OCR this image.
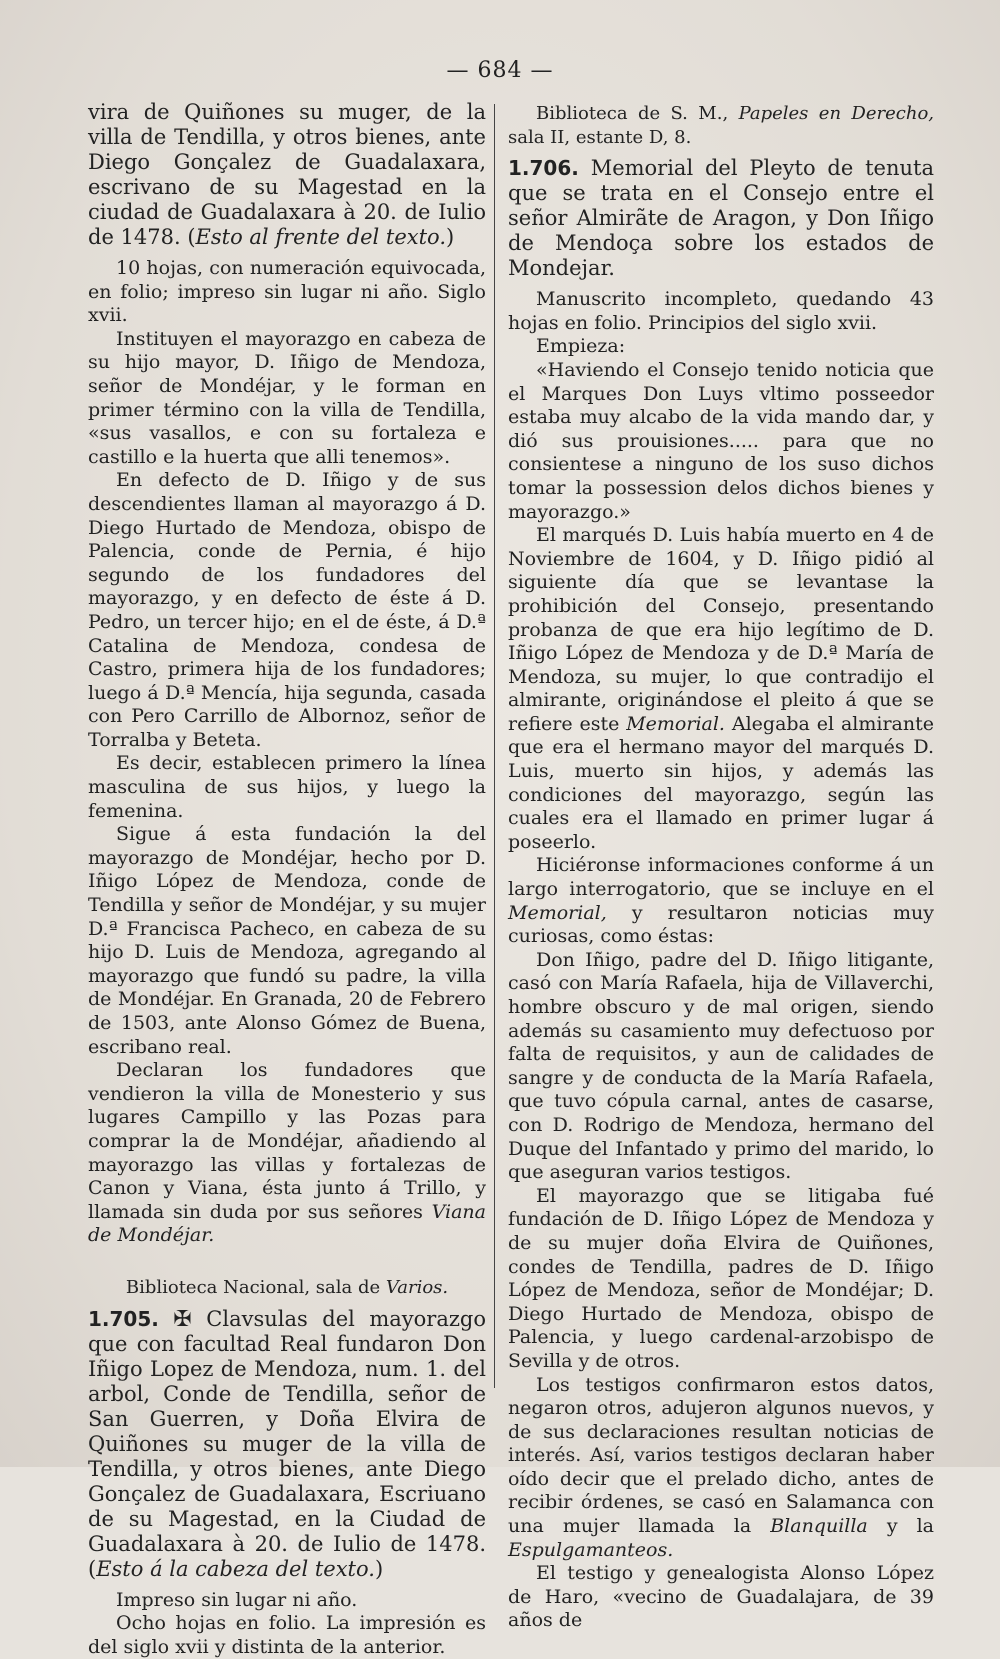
— 684 —

vira de Quiñones su muger, de la villa de Tendilla, y otros bienes, ante Diego Gonçalez de Guadalaxara, escrivano de su Magestad en la ciudad de Guadalaxara à 20. de Iulio de 1478. (Esto al frente del texto.)

10 hojas, con numeración equivocada, en folio; impreso sin lugar ni año. Siglo xvii.

Instituyen el mayorazgo en cabeza de su hijo mayor, D. Iñigo de Mendoza, señor de Mondéjar, y le forman en primer término con la villa de Tendilla, «sus vasallos, e con su fortaleza e castillo e la huerta que alli tenemos».

En defecto de D. Iñigo y de sus descendientes llaman al mayorazgo á D. Diego Hurtado de Mendoza, obispo de Palencia, conde de Pernia, é hijo segundo de los fundadores del mayorazgo, y en defecto de éste á D. Pedro, un tercer hijo; en el de éste, á D.ª Catalina de Mendoza, condesa de Castro, primera hija de los fundadores; luego á D.ª Mencía, hija segunda, casada con Pero Carrillo de Albornoz, señor de Torralba y Beteta.

Es decir, establecen primero la línea masculina de sus hijos, y luego la femenina.

Sigue á esta fundación la del mayorazgo de Mondéjar, hecho por D. Iñigo López de Mendoza, conde de Tendilla y señor de Mondéjar, y su mujer D.ª Francisca Pacheco, en cabeza de su hijo D. Luis de Mendoza, agregando al mayorazgo que fundó su padre, la villa de Mondéjar. En Granada, 20 de Febrero de 1503, ante Alonso Gómez de Buena, escribano real.

Declaran los fundadores que vendieron la villa de Monesterio y sus lugares Campillo y las Pozas para comprar la de Mondéjar, añadiendo al mayorazgo las villas y fortalezas de Canon y Viana, ésta junto á Trillo, y llamada sin duda por sus señores Viana de Mondéjar.

Biblioteca Nacional, sala de Varios.

1.705. ✠ Clavsulas del mayorazgo que con facultad Real fundaron Don Iñigo Lopez de Mendoza, num. 1. del arbol, Conde de Tendilla, señor de San Guerren, y Doña Elvira de Quiñones su muger de la villa de Tendilla, y otros bienes, ante Diego Gonçalez de Guadalaxara, Escriuano de su Magestad, en la Ciudad de Guadalaxara à 20. de Iulio de 1478. (Esto á la cabeza del texto.)

Impreso sin lugar ni año.

Ocho hojas en folio. La impresión es del siglo xvii y distinta de la anterior.

Biblioteca de S. M., Papeles en Derecho, sala II, estante D, 8.

1.706. Memorial del Pleyto de tenuta que se trata en el Consejo entre el señor Almirãte de Aragon, y Don Iñigo de Mendoça sobre los estados de Mondejar.

Manuscrito incompleto, quedando 43 hojas en folio. Principios del siglo xvii.

Empieza:

«Haviendo el Consejo tenido noticia que el Marques Don Luys vltimo posseedor estaba muy alcabo de la vida mando dar, y dió sus prouisiones..... para que no consientese a ninguno de los suso dichos tomar la possession delos dichos bienes y mayorazgo.»

El marqués D. Luis había muerto en 4 de Noviembre de 1604, y D. Iñigo pidió al siguiente día que se levantase la prohibición del Consejo, presentando probanza de que era hijo legítimo de D. Iñigo López de Mendoza y de D.ª María de Mendoza, su mujer, lo que contradijo el almirante, originándose el pleito á que se refiere este Memorial. Alegaba el almirante que era el hermano mayor del marqués D. Luis, muerto sin hijos, y además las condiciones del mayorazgo, según las cuales era el llamado en primer lugar á poseerlo.

Hiciéronse informaciones conforme á un largo interrogatorio, que se incluye en el Memorial, y resultaron noticias muy curiosas, como éstas:

Don Iñigo, padre del D. Iñigo litigante, casó con María Rafaela, hija de Villaverchi, hombre obscuro y de mal origen, siendo además su casamiento muy defectuoso por falta de requisitos, y aun de calidades de sangre y de conducta de la María Rafaela, que tuvo cópula carnal, antes de casarse, con D. Rodrigo de Mendoza, hermano del Duque del Infantado y primo del marido, lo que aseguran varios testigos.

El mayorazgo que se litigaba fué fundación de D. Iñigo López de Mendoza y de su mujer doña Elvira de Quiñones, condes de Tendilla, padres de D. Iñigo López de Mendoza, señor de Mondéjar; D. Diego Hurtado de Mendoza, obispo de Palencia, y luego cardenal-arzobispo de Sevilla y de otros.

Los testigos confirmaron estos datos, negaron otros, adujeron algunos nuevos, y de sus declaraciones resultan noticias de interés. Así, varios testigos declaran haber oído decir que el prelado dicho, antes de recibir órdenes, se casó en Salamanca con una mujer llamada la Blanquilla y la Espulgamanteos.

El testigo y genealogista Alonso López de Haro, «vecino de Guadalajara, de 39 años de
